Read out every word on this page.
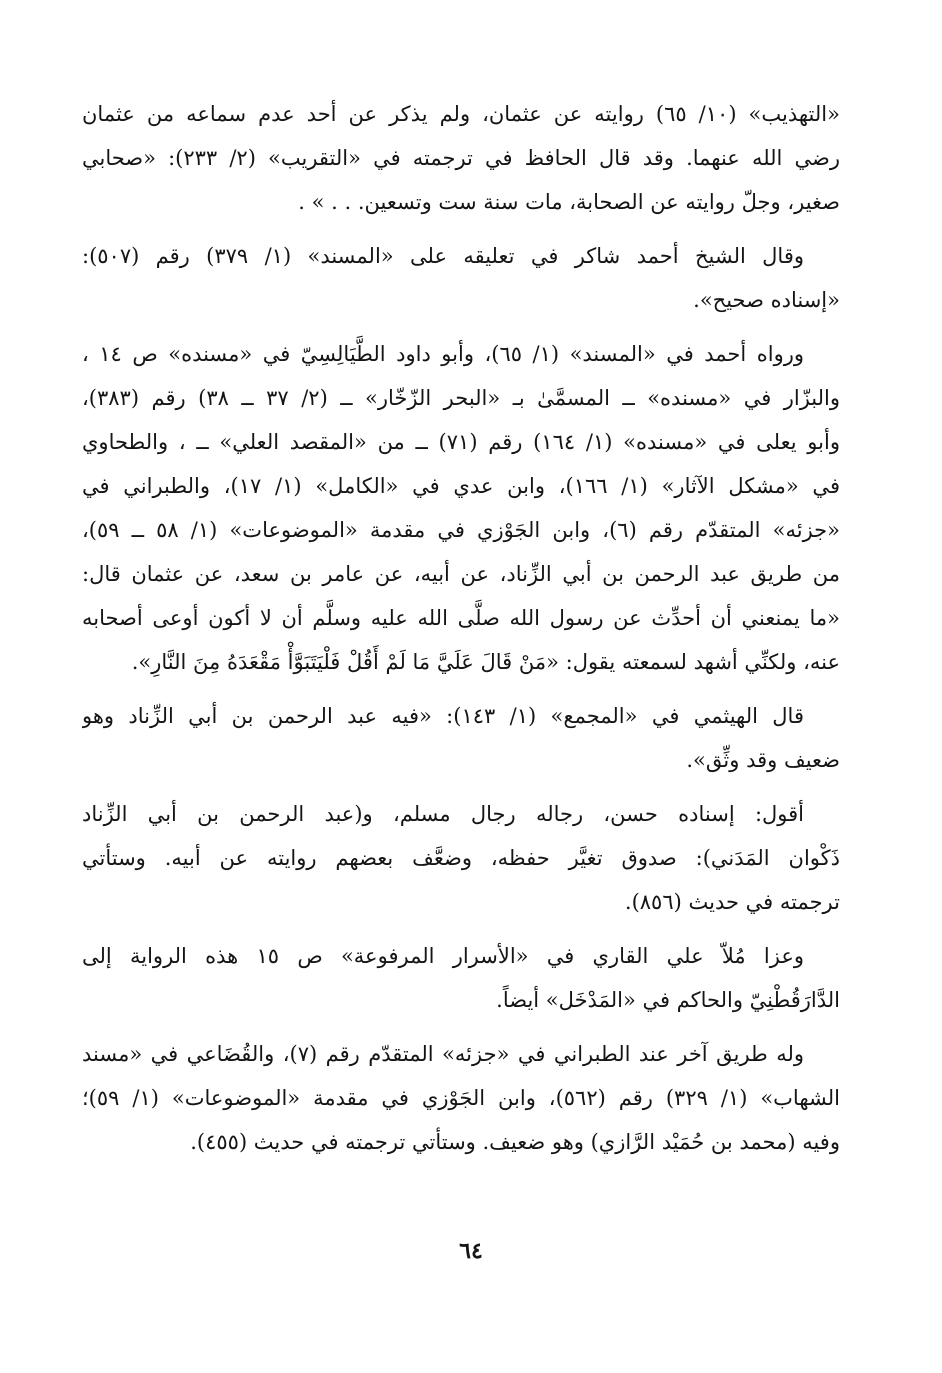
«التهذيب» (١٠/ ٦٥) روايته عن عثمان، ولم يذكر عن أحد عدم سماعه من عثمان
رضي الله عنهما. وقد قال الحافظ في ترجمته في «التقريب» (٢/ ٢٣٣): «صحابي
صغير، وجلّ روايته عن الصحابة، مات سنة ست وتسعين. . . » .
وقال الشيخ أحمد شاكر في تعليقه على «المسند» (١/ ٣٧٩) رقم (٥٠٧):
«إسناده صحيح».
ورواه أحمد في «المسند» (١/ ٦٥)، وأبو داود الطَّيَالِسِيّ في «مسنده» ص ١٤ ،
والبزّار في «مسنده» ــ المسمَّىٰ بـ «البحر الزّخّار» ــ (٢/ ٣٧ ــ ٣٨) رقم (٣٨٣)،
وأبو يعلى في «مسنده» (١/ ١٦٤) رقم (٧١) ــ من «المقصد العلي» ــ ، والطحاوي
في «مشكل الآثار» (١/ ١٦٦)، وابن عدي في «الكامل» (١/ ١٧)، والطبراني في
«جزئه» المتقدّم رقم (٦)، وابن الجَوْزي في مقدمة «الموضوعات» (١/ ٥٨ ــ ٥٩)،
من طريق عبد الرحمن بن أبي الزِّناد، عن أبيه، عن عامر بن سعد، عن عثمان قال:
«ما يمنعني أن أحدِّث عن رسول الله صلَّى الله عليه وسلَّم أن لا أكون أوعى أصحابه
عنه، ولكنِّي أشهد لسمعته يقول: «مَنْ قَالَ عَلَيَّ مَا لَمْ أَقُلْ فَلْيَتَبَوَّأْ مَقْعَدَهُ مِنَ النَّارِ».
قال الهيثمي في «المجمع» (١/ ١٤٣): «فيه عبد الرحمن بن أبي الزِّناد وهو
ضعيف وقد وثِّق».
أقول: إسناده حسن، رجاله رجال مسلم، و(عبد الرحمن بن أبي الزِّناد
ذَكْوان المَدَني): صدوق تغيَّر حفظه، وضعَّف بعضهم روايته عن أبيه. وستأتي
ترجمته في حديث (٨٥٦).
وعزا مُلاّ علي القاري في «الأسرار المرفوعة» ص ١٥ هذه الرواية إلى
الدَّارَقُطْنِيّ والحاكم في «المَدْخَل» أيضاً.
وله طريق آخر عند الطبراني في «جزئه» المتقدّم رقم (٧)، والقُضَاعي في «مسند
الشهاب» (١/ ٣٢٩) رقم (٥٦٢)، وابن الجَوْزي في مقدمة «الموضوعات» (١/ ٥٩)؛
وفيه (محمد بن حُمَيْد الرَّازي) وهو ضعيف. وستأتي ترجمته في حديث (٤٥٥).
٦٤
